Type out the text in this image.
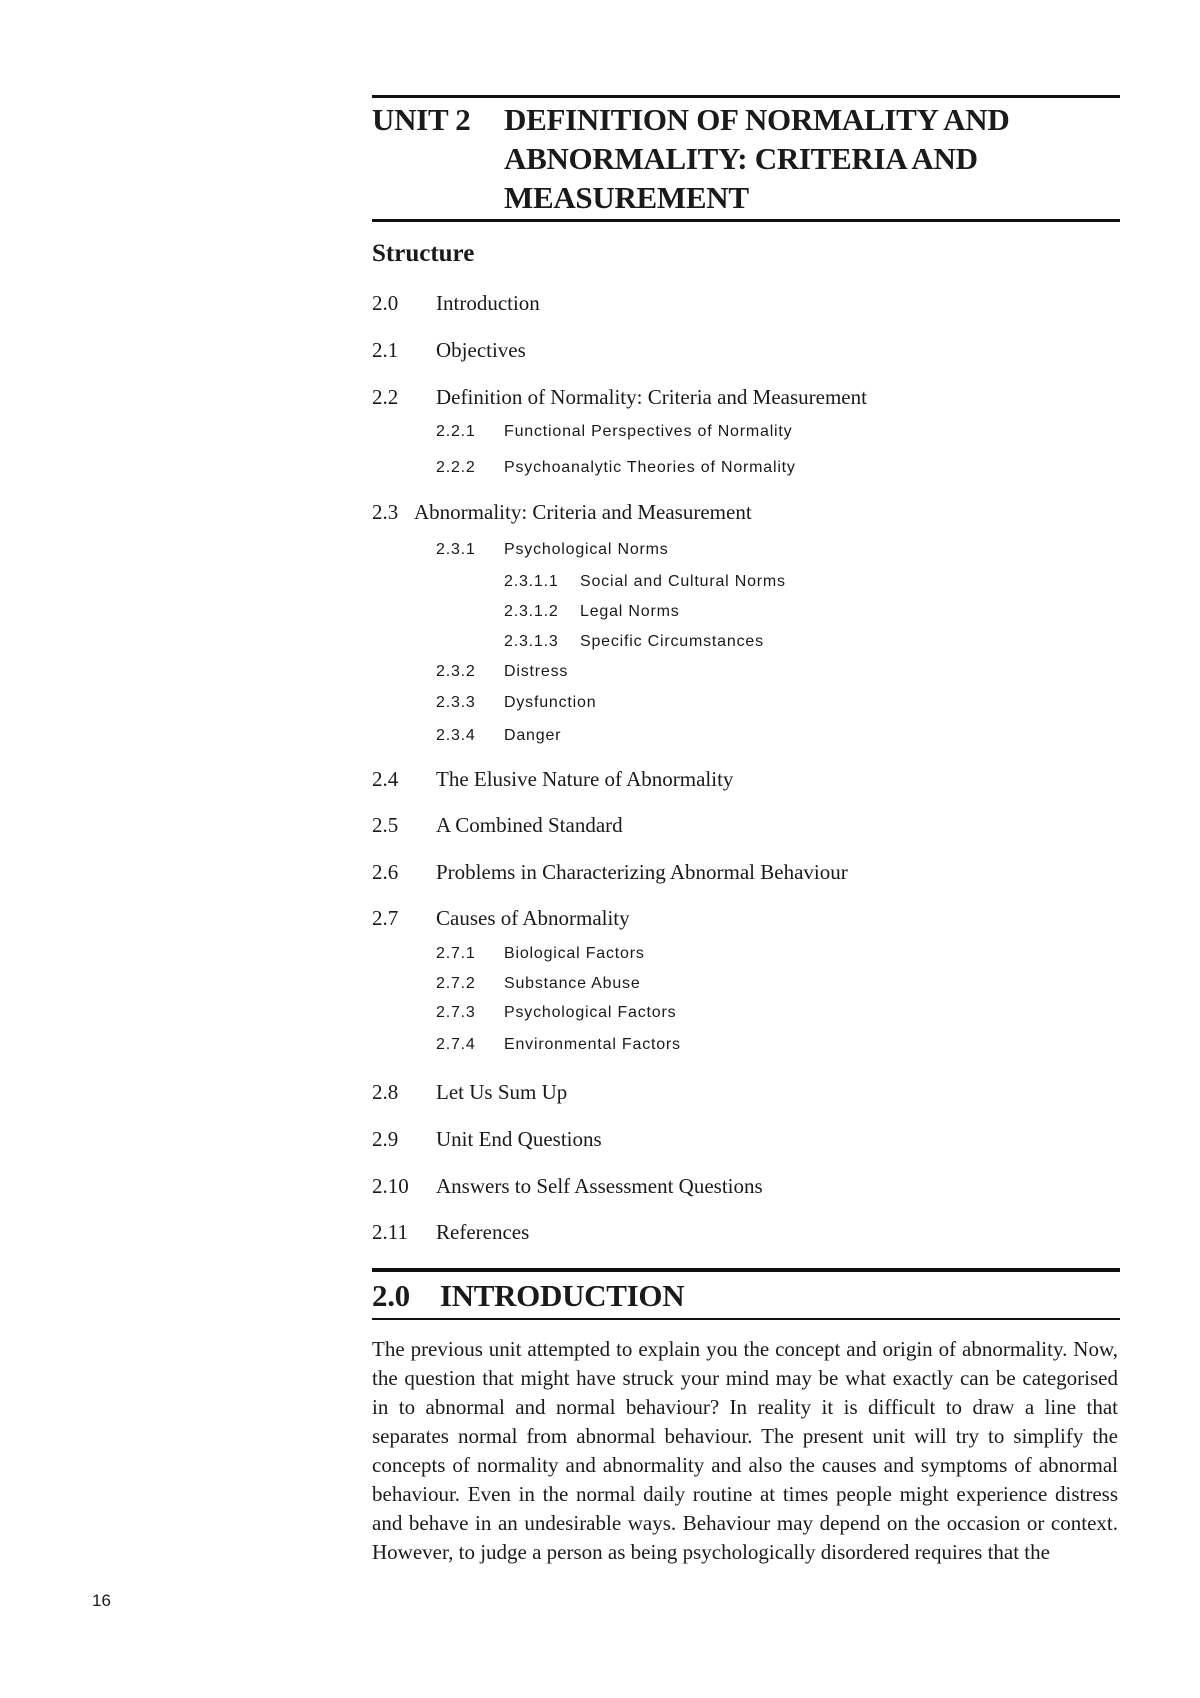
UNIT 2 DEFINITION OF NORMALITY AND ABNORMALITY: CRITERIA AND MEASUREMENT
Structure
2.0 Introduction
2.1 Objectives
2.2 Definition of Normality: Criteria and Measurement
2.2.1 Functional Perspectives of Normality
2.2.2 Psychoanalytic Theories of Normality
2.3 Abnormality: Criteria and Measurement
2.3.1 Psychological Norms
2.3.1.1 Social and Cultural Norms
2.3.1.2 Legal Norms
2.3.1.3 Specific Circumstances
2.3.2 Distress
2.3.3 Dysfunction
2.3.4 Danger
2.4 The Elusive Nature of Abnormality
2.5 A Combined Standard
2.6 Problems in Characterizing Abnormal Behaviour
2.7 Causes of Abnormality
2.7.1 Biological Factors
2.7.2 Substance Abuse
2.7.3 Psychological Factors
2.7.4 Environmental Factors
2.8 Let Us Sum Up
2.9 Unit End Questions
2.10 Answers to Self Assessment Questions
2.11 References
2.0 INTRODUCTION
The previous unit attempted to explain you the concept and origin of abnormality. Now, the question that might have struck your mind may be what exactly can be categorised in to abnormal and normal behaviour? In reality it is difficult to draw a line that separates normal from abnormal behaviour. The present unit will try to simplify the concepts of normality and abnormality and also the causes and symptoms of abnormal behaviour. Even in the normal daily routine at times people might experience distress and behave in an undesirable ways. Behaviour may depend on the occasion or context. However, to judge a person as being psychologically disordered requires that the
16
